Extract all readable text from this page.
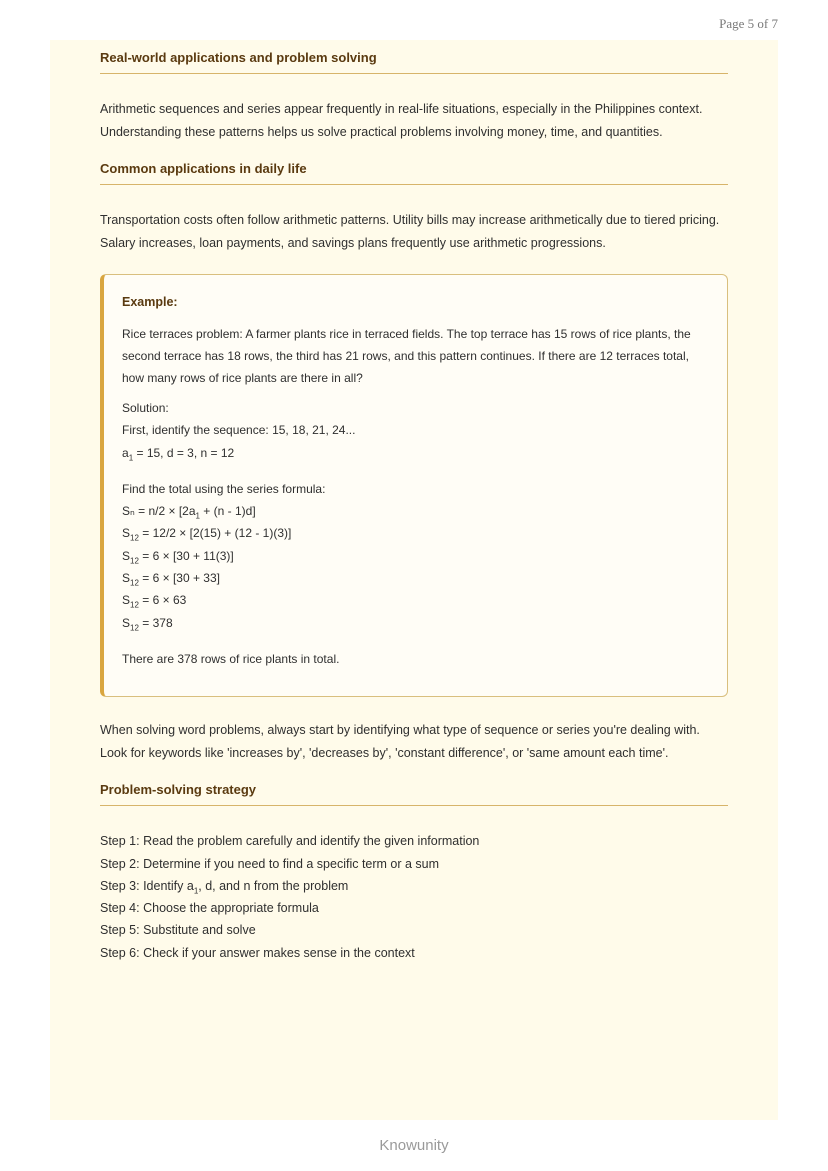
Page 5 of 7
Real-world applications and problem solving

Arithmetic sequences and series appear frequently in real-life situations, especially in the Philippines context. Understanding these patterns helps us solve practical problems involving money, time, and quantities.

Common applications in daily life

Transportation costs often follow arithmetic patterns. Utility bills may increase arithmetically due to tiered pricing. Salary increases, loan payments, and savings plans frequently use arithmetic progressions.

Example:

Rice terraces problem: A farmer plants rice in terraced fields. The top terrace has 15 rows of rice plants, the second terrace has 18 rows, the third has 21 rows, and this pattern continues. If there are 12 terraces total, how many rows of rice plants are there in all?

Solution:
First, identify the sequence: 15, 18, 21, 24...
$a_1 = 15$, d = 3, n = 12
Find the total using the series formula:
$S_n = n/2 \times [2a_1 + (n - 1)d]$
$S_{12} = 12/2 \times [2(15) + (12 - 1)(3)]$
$S_{12} = 6 \times [30 + 11(3)]$
$S_{12} = 6 \times [30 + 33]$
$S_{12} = 6 \times 63$
$S_{12} = 378$
There are 378 rows of rice plants in total.

When solving word problems, always start by identifying what type of sequence or series you're dealing with. Look for keywords like 'increases by', 'decreases by', 'constant difference', or 'same amount each time'.

Problem-solving strategy
Step 1: Read the problem carefully and identify the given information
Step 2: Determine if you need to find a specific term or a sum
Step 3: Identify $a_1$, d, and n from the problem
Step 4: Choose the appropriate formula
Step 5: Substitute and solve
Step 6: Check if your answer makes sense in the context
Knowunity
